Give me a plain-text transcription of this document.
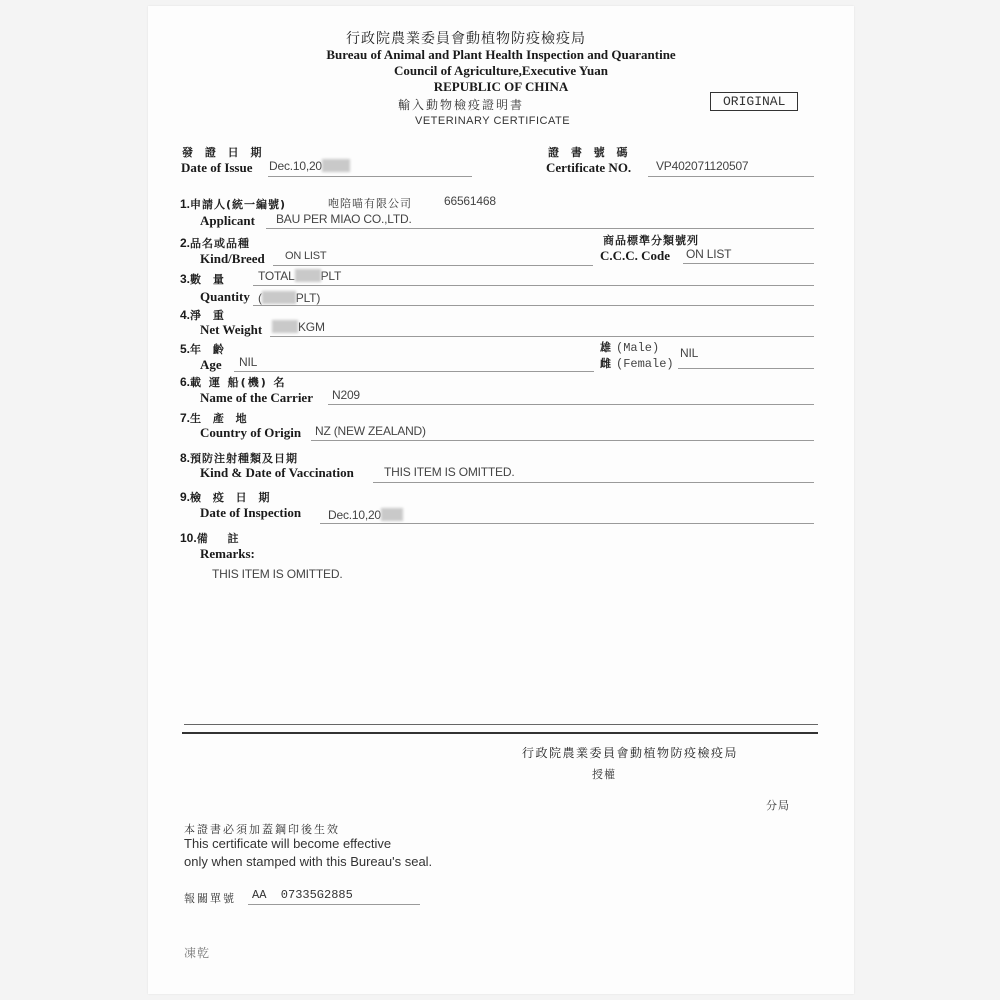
行政院農業委員會動植物防疫檢疫局
Bureau of Animal and Plant Health Inspection and Quarantine
Council of Agriculture,Executive Yuan
REPUBLIC OF CHINA
輸入動物檢疫證明書
VETERINARY CERTIFICATE
ORIGINAL
發 證 日 期
Date of Issue Dec.10,20
證 書 號 碼
Certificate NO. VP402071120507
1.申請人(統一編號)	咆陪喵有限公司	66561468
Applicant BAU PER MIAO CO.,LTD.
2.品名或品種
Kind/Breed ON LIST
商品標準分類號列
C.C.C. Code ON LIST
3.數 量	TOTAL PLT
Quantity (	PLT)
4.淨 重
Net Weight	KGM
5.年 齡
Age NIL
雄 (Male)
雌 (Female)
NIL
6.載 運 船(機) 名
Name of the Carrier N209
7.生 產 地
Country of Origin NZ (NEW ZEALAND)
8.預防注射種類及日期
Kind & Date of Vaccination	THIS ITEM IS OMITTED.
9.檢 疫 日 期
Date of Inspection Dec.10,20
10.備 註
Remarks:
THIS ITEM IS OMITTED.
行政院農業委員會動植物防疫檢疫局
授權
分局
本證書必須加蓋鋼印後生效
This certificate will become effective
only when stamped with this Bureau's seal.
報關單號 AA  07335G2885
凍乾
